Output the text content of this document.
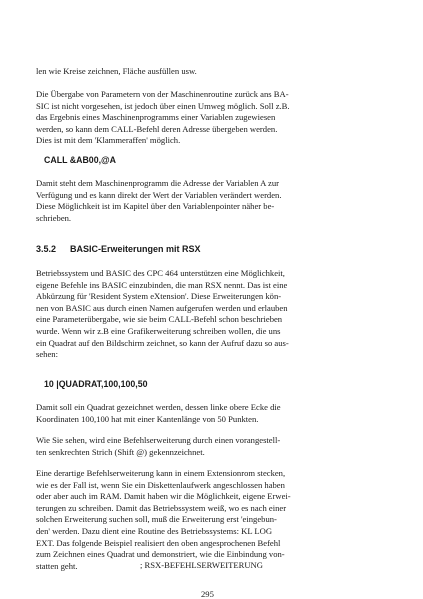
len wie Kreise zeichnen, Fläche ausfüllen usw.

Die Übergabe von Parametern von der Maschinenroutine zurück ans BA-
SIC ist nicht vorgesehen, ist jedoch über einen Umweg möglich. Soll z.B.
das Ergebnis eines Maschinenprogramms einer Variablen zugewiesen
werden, so kann dem CALL-Befehl deren Adresse übergeben werden.
Dies ist mit dem 'Klammeraffen' möglich.

CALL &AB00,@A

Damit steht dem Maschinenprogramm die Adresse der Variablen A zur
Verfügung und es kann direkt der Wert der Variablen verändert werden.
Diese Möglichkeit ist im Kapitel über den Variablenpointer näher be-
schrieben.

3.5.2 BASIC-Erweiterungen mit RSX

Betriebssystem und BASIC des CPC 464 unterstützen eine Möglichkeit,
eigene Befehle ins BASIC einzubinden, die man RSX nennt. Das ist eine
Abkürzung für 'Resident System eXtension'. Diese Erweiterungen kön-
nen von BASIC aus durch einen Namen aufgerufen werden und erlauben
eine Parameterübergabe, wie sie beim CALL-Befehl schon beschrieben
wurde. Wenn wir z.B eine Grafikerweiterung schreiben wollen, die uns
ein Quadrat auf den Bildschirm zeichnet, so kann der Aufruf dazu so aus-
sehen:

10 |QUADRAT,100,100,50

Damit soll ein Quadrat gezeichnet werden, dessen linke obere Ecke die
Koordinaten 100,100 hat mit einer Kantenlänge von 50 Punkten.

Wie Sie sehen, wird eine Befehlserweiterung durch einen vorangestell-
ten senkrechten Strich (Shift @) gekennzeichnet.

Eine derartige Befehlserweiterung kann in einem Extensionrom stecken,
wie es der Fall ist, wenn Sie ein Diskettenlaufwerk angeschlossen haben
oder aber auch im RAM. Damit haben wir die Möglichkeit, eigene Erwei-
terungen zu schreiben. Damit das Betriebssystem weiß, wo es nach einer
solchen Erweiterung suchen soll, muß die Erweiterung erst 'eingebun-
den' werden. Dazu dient eine Routine des Betriebssystems: KL LOG
EXT. Das folgende Beispiel realisiert den oben angesprochenen Befehl
zum Zeichnen eines Quadrat und demonstriert, wie die Einbindung von-
statten geht.	; RSX-BEFEHLSERWEITERUNG
295
